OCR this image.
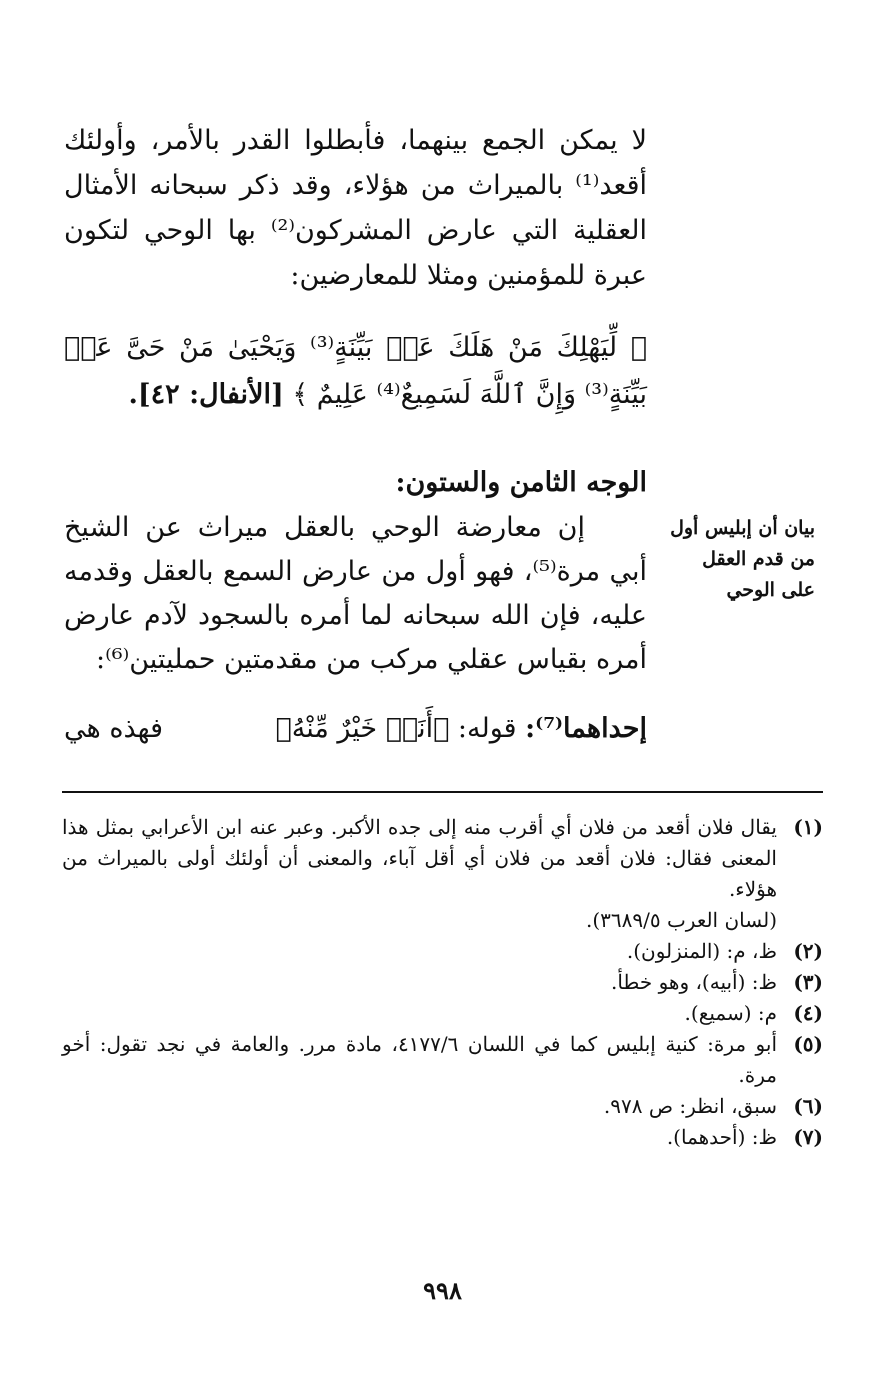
لا يمكن الجمع بينهما، فأبطلوا القدر بالأمر، وأولئك أقعد⁽¹⁾ بالميراث من هؤلاء، وقد ذكر سبحانه الأمثال العقلية التي عارض المشركون⁽²⁾ بها الوحي لتكون عبرة للمؤمنين ومثلا للمعارضين:

﴿ لِّيَهْلِكَ مَنْ هَلَكَ عَنۢ بَيِّنَةٍ⁽³⁾ وَيَحْيَىٰ مَنْ حَىَّ عَنۢ بَيِّنَةٍ⁽³⁾ وَإِنَّ ٱللَّهَ لَسَمِيعٌ⁽⁴⁾ عَلِيمٌ ﴾ [الأنفال: ٤٢].

الوجه الثامن والستون:
بيان أن إبليس أول من قدم العقل على الوحي

إن معارضة الوحي بالعقل ميراث عن الشيخ أبي مرة⁽⁵⁾، فهو أول من عارض السمع بالعقل وقدمه عليه، فإن الله سبحانه لما أمره بالسجود لآدم عارض أمره بقياس عقلي مركب من مقدمتين حمليتين⁽⁶⁾:

إحداهما⁽⁷⁾: قوله: ﴿أَنَا۠ خَيْرٌ مِّنْهُ﴾
فهذه هي
(١)
يقال فلان أقعد من فلان أي أقرب منه إلى جده الأكبر. وعبر عنه ابن الأعرابي بمثل هذا المعنى فقال: فلان أقعد من فلان أي أقل آباء، والمعنى أن أولئك أولى بالميراث من هؤلاء.
(لسان العرب ٣٦٨٩/٥).
(٢)
ظ، م: (المنزلون).
(٣)
ظ: (أبيه)، وهو خطأ.
(٤)
م: (سميع).
(٥)
أبو مرة: كنية إبليس كما في اللسان ٤١٧٧/٦، مادة مرر. والعامة في نجد تقول: أخو مرة.
(٦)
سبق، انظر: ص ٩٧٨.
(٧)
ظ: (أحدهما).
٩٩٨
